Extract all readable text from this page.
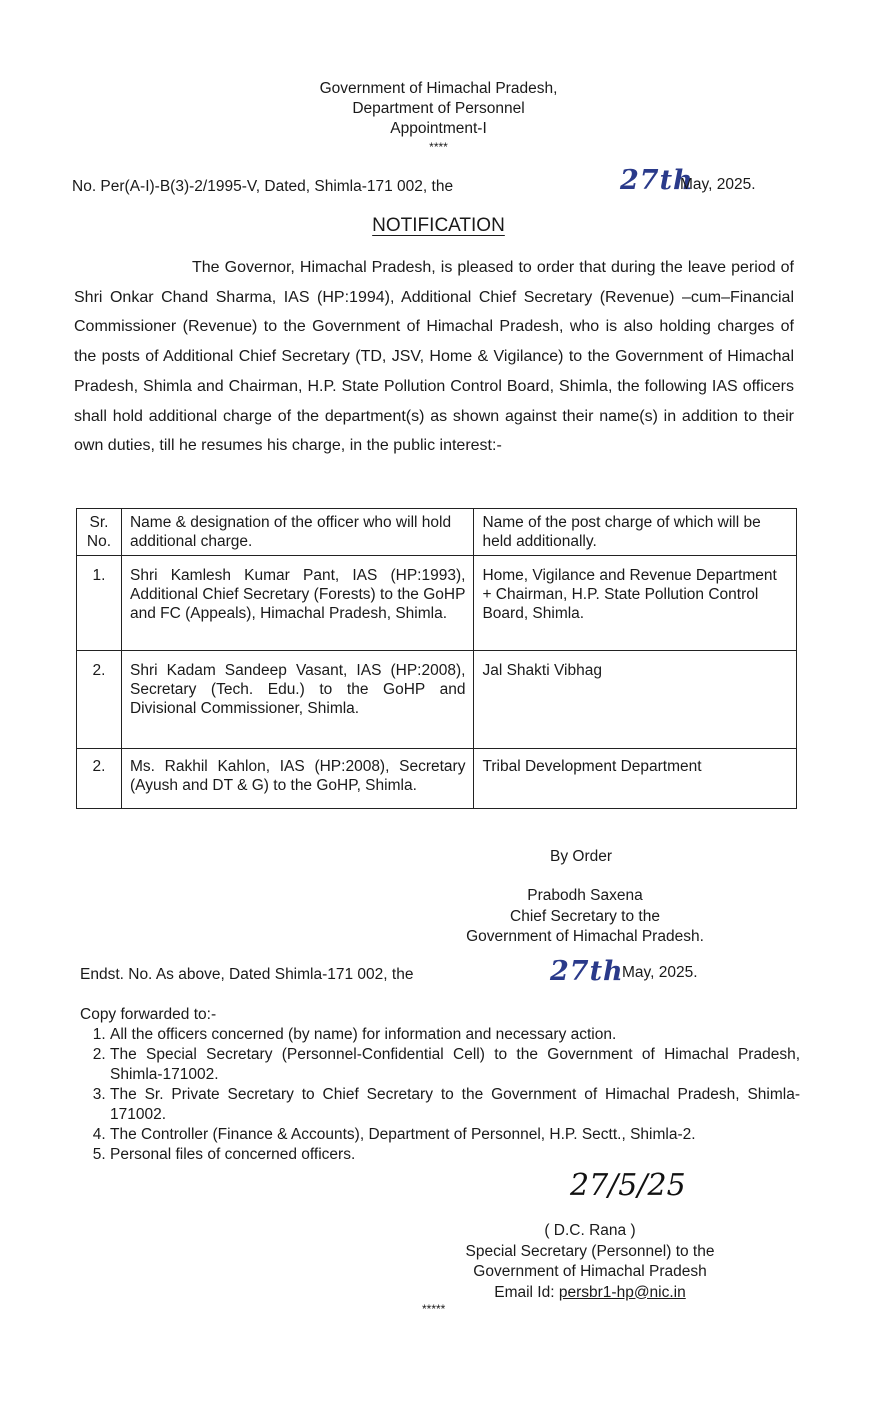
Government of Himachal Pradesh,
Department of Personnel
Appointment-I
****
No. Per(A-I)-B(3)-2/1995-V, Dated, Shimla-171 002, the	27th
May, 2025.
NOTIFICATION

The Governor, Himachal Pradesh, is pleased to order that during the leave period of Shri Onkar Chand Sharma, IAS (HP:1994), Additional Chief Secretary (Revenue) –cum–Financial Commissioner (Revenue) to the Government of Himachal Pradesh, who is also holding charges of the posts of Additional Chief Secretary (TD, JSV, Home & Vigilance) to the Government of Himachal Pradesh, Shimla and Chairman, H.P. State Pollution Control Board, Shimla, the following IAS officers shall hold additional charge of the department(s) as shown against their name(s) in addition to their own duties, till he resumes his charge, in the public interest:-

Sr. No.	Name & designation of the officer who will hold additional charge.	Name of the post charge of which will be held additionally.
1.	Shri Kamlesh Kumar Pant, IAS (HP:1993), Additional Chief Secretary (Forests) to the GoHP and FC (Appeals), Himachal Pradesh, Shimla.	Home, Vigilance and Revenue Department
+ Chairman, H.P. State Pollution Control Board, Shimla.

2.	Shri Kadam Sandeep Vasant, IAS (HP:2008), Secretary (Tech. Edu.) to the GoHP and Divisional Commissioner, Shimla.	Jal Shakti Vibhag
2.	Ms. Rakhil Kahlon, IAS (HP:2008), Secretary (Ayush and DT & G) to the GoHP, Shimla.	Tribal Development Department
By Order
Prabodh Saxena
Chief Secretary to the
Government of Himachal Pradesh.
Endst. No. As above, Dated Shimla-171 002, the	27th
May, 2025.
Copy forwarded to:-
1. All the officers concerned (by name) for information and necessary action.
2. The Special Secretary (Personnel-Confidential Cell) to the Government of Himachal Pradesh, Shimla-171002.
3. The Sr. Private Secretary to Chief Secretary to the Government of Himachal Pradesh, Shimla-171002.
4. The Controller (Finance & Accounts), Department of Personnel, H.P. Sectt., Shimla-2.
5. Personal files of concerned officers.
27/5/25
( D.C. Rana )
Special Secretary (Personnel) to the
Government of Himachal Pradesh
Email Id: persbr1-hp@nic.in
*****
